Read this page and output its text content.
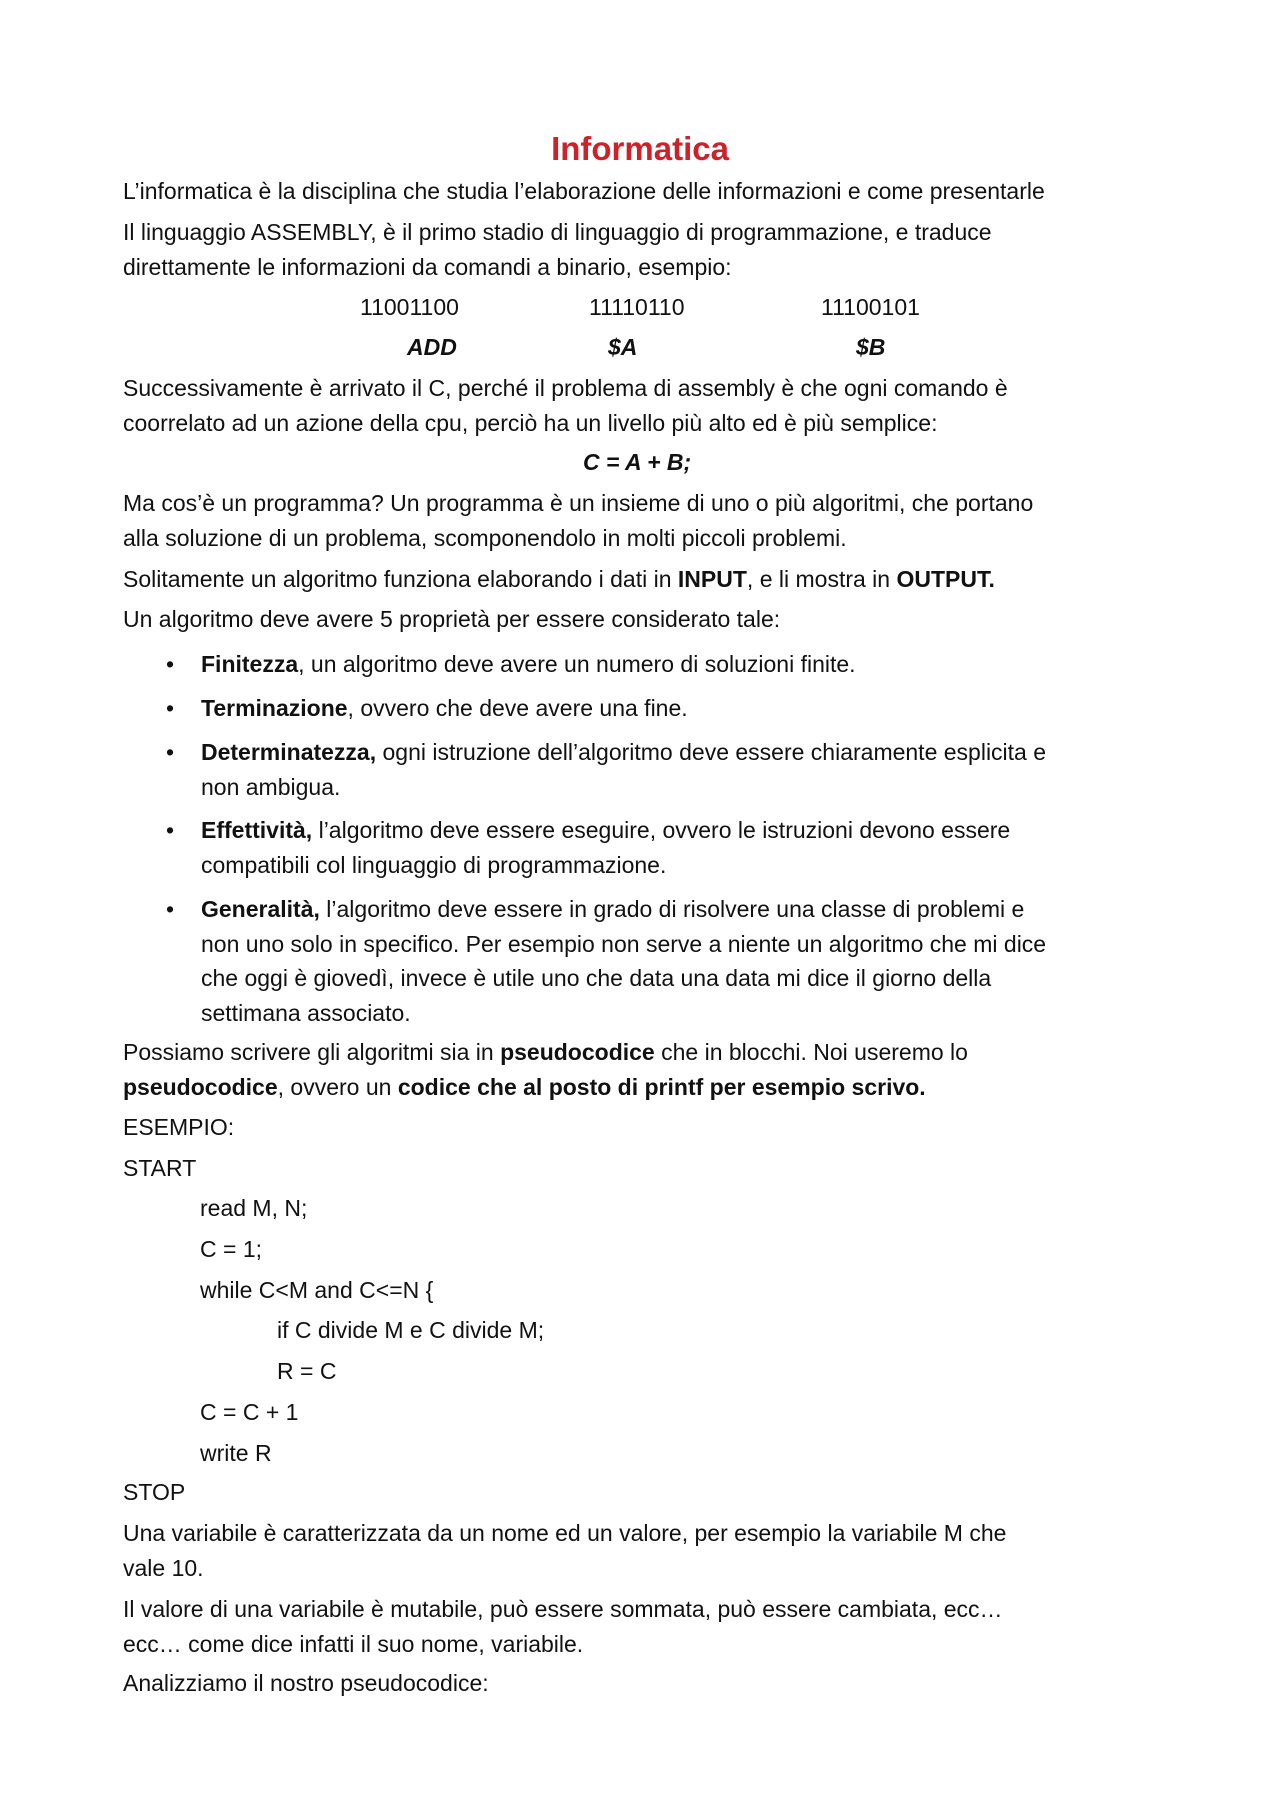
Informatica
L’informatica è la disciplina che studia l’elaborazione delle informazioni e come presentarle
Il linguaggio ASSEMBLY, è il primo stadio di linguaggio di programmazione, e traduce
direttamente le informazioni da comandi a binario, esempio:
11001100	11110110	11100101
ADD	$A	$B
Successivamente è arrivato il C, perché il problema di assembly è che ogni comando è
coorrelato ad un azione della cpu, perciò ha un livello più alto ed è più semplice:
C = A + B;
Ma cos’è un programma? Un programma è un insieme di uno o più algoritmi, che portano
alla soluzione di un problema, scomponendolo in molti piccoli problemi.
Solitamente un algoritmo funziona elaborando i dati in INPUT, e li mostra in OUTPUT.
Un algoritmo deve avere 5 proprietà per essere considerato tale:
• Finitezza, un algoritmo deve avere un numero di soluzioni finite.
• Terminazione, ovvero che deve avere una fine.
• Determinatezza, ogni istruzione dell’algoritmo deve essere chiaramente esplicita e
non ambigua.
• Effettività, l’algoritmo deve essere eseguire, ovvero le istruzioni devono essere
compatibili col linguaggio di programmazione.
• Generalità, l’algoritmo deve essere in grado di risolvere una classe di problemi e
non uno solo in specifico. Per esempio non serve a niente un algoritmo che mi dice
che oggi è giovedì, invece è utile uno che data una data mi dice il giorno della
settimana associato.
Possiamo scrivere gli algoritmi sia in pseudocodice che in blocchi. Noi useremo lo
pseudocodice, ovvero un codice che al posto di printf per esempio scrivo.
ESEMPIO:
START
read M, N;
C = 1;
while C<M and C<=N {
if C divide M e C divide M;
R = C
C = C + 1
write R
STOP
Una variabile è caratterizzata da un nome ed un valore, per esempio la variabile M che
vale 10.
Il valore di una variabile è mutabile, può essere sommata, può essere cambiata, ecc…
ecc… come dice infatti il suo nome, variabile.
Analizziamo il nostro pseudocodice:
